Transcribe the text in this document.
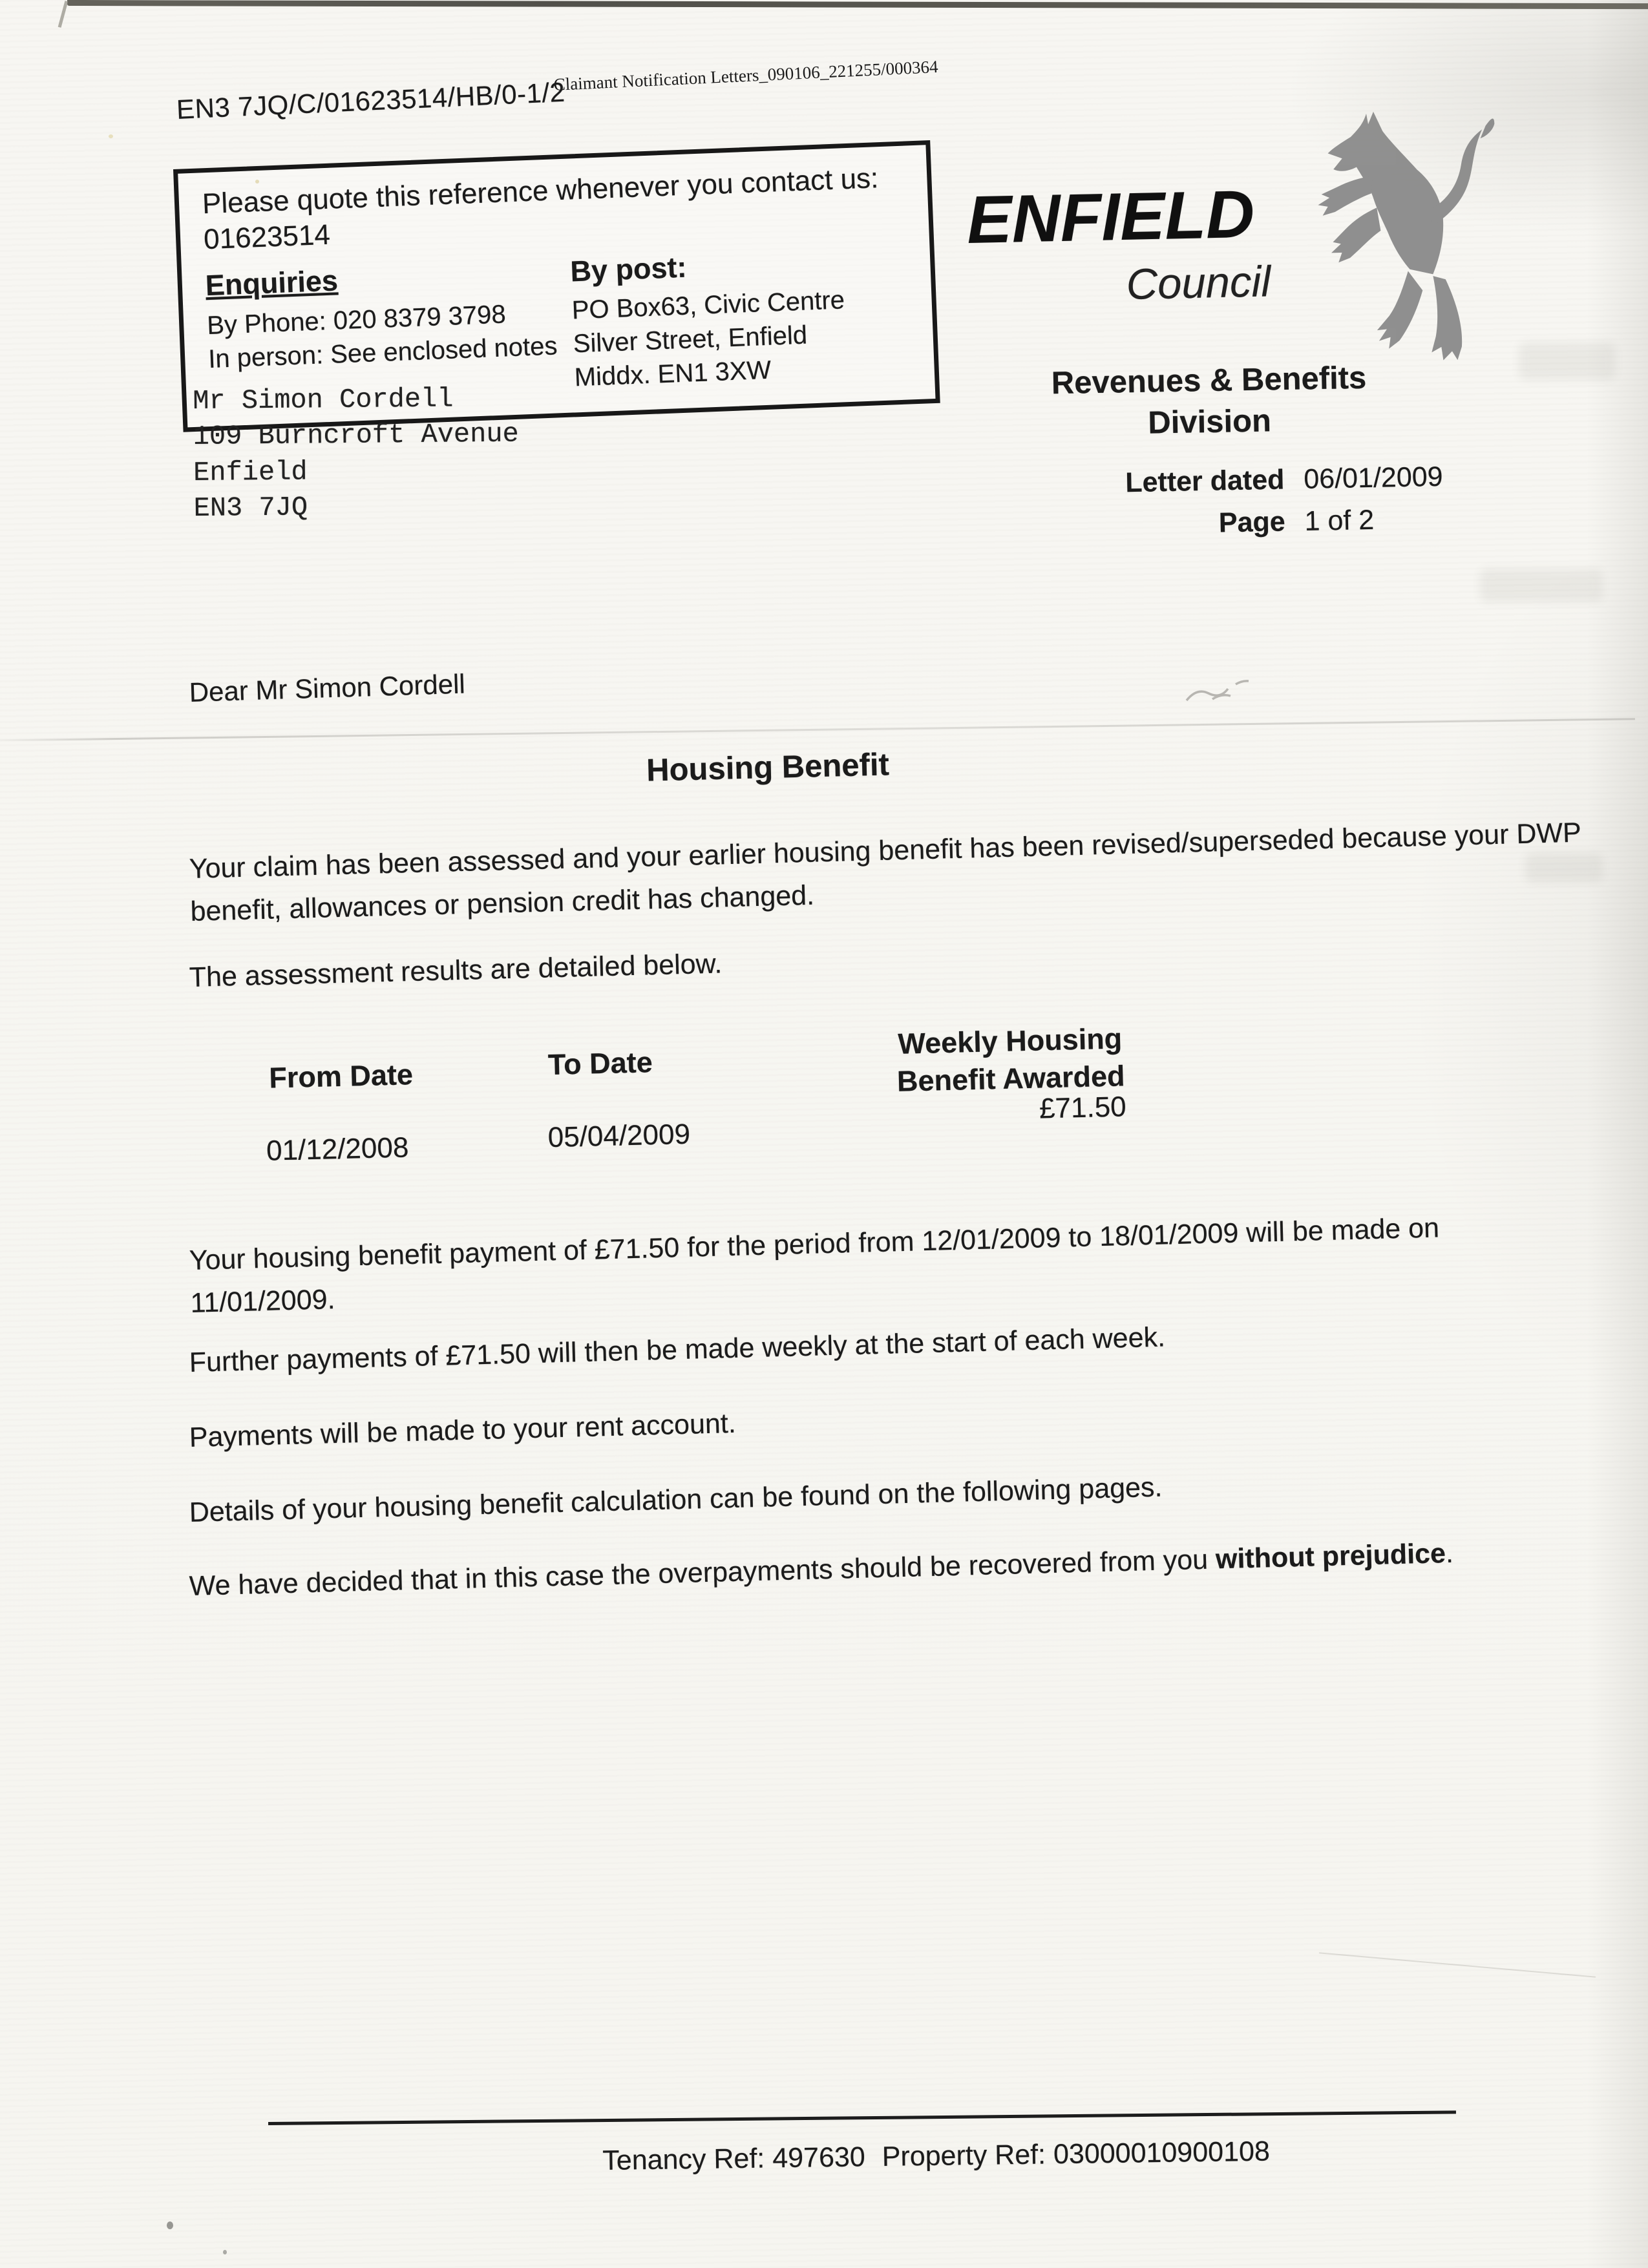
EN3 7JQ/C/01623514/HB/0-1/2
Claimant Notification Letters_090106_221255/000364
Please quote this reference whenever you contact us: 01623514
Enquiries
By Phone: 020 8379 3798
In person: See enclosed notes
By post:
PO Box63, Civic Centre
Silver Street, Enfield
Middx. EN1 3XW
ENFIELD
Council
Revenues & Benefits Division
Letter dated 06/01/2009
Page 1 of 2
Mr Simon Cordell
109 Burncroft Avenue
Enfield
EN3 7JQ
Dear Mr Simon Cordell
Housing Benefit
Your claim has been assessed and your earlier housing benefit has been revised/superseded because your DWP benefit, allowances or pension credit has changed.
The assessment results are detailed below.
From Date	To Date
Weekly Housing Benefit Awarded
01/12/2008	05/04/2009
£71.50
Your housing benefit payment of £71.50 for the period from 12/01/2009 to 18/01/2009 will be made on 11/01/2009.
Further payments of £71.50 will then be made weekly at the start of each week.
Payments will be made to your rent account.
Details of your housing benefit calculation can be found on the following pages.
We have decided that in this case the overpayments should be recovered from you without prejudice.
Tenancy Ref: 497630 Property Ref: 03000010900108
